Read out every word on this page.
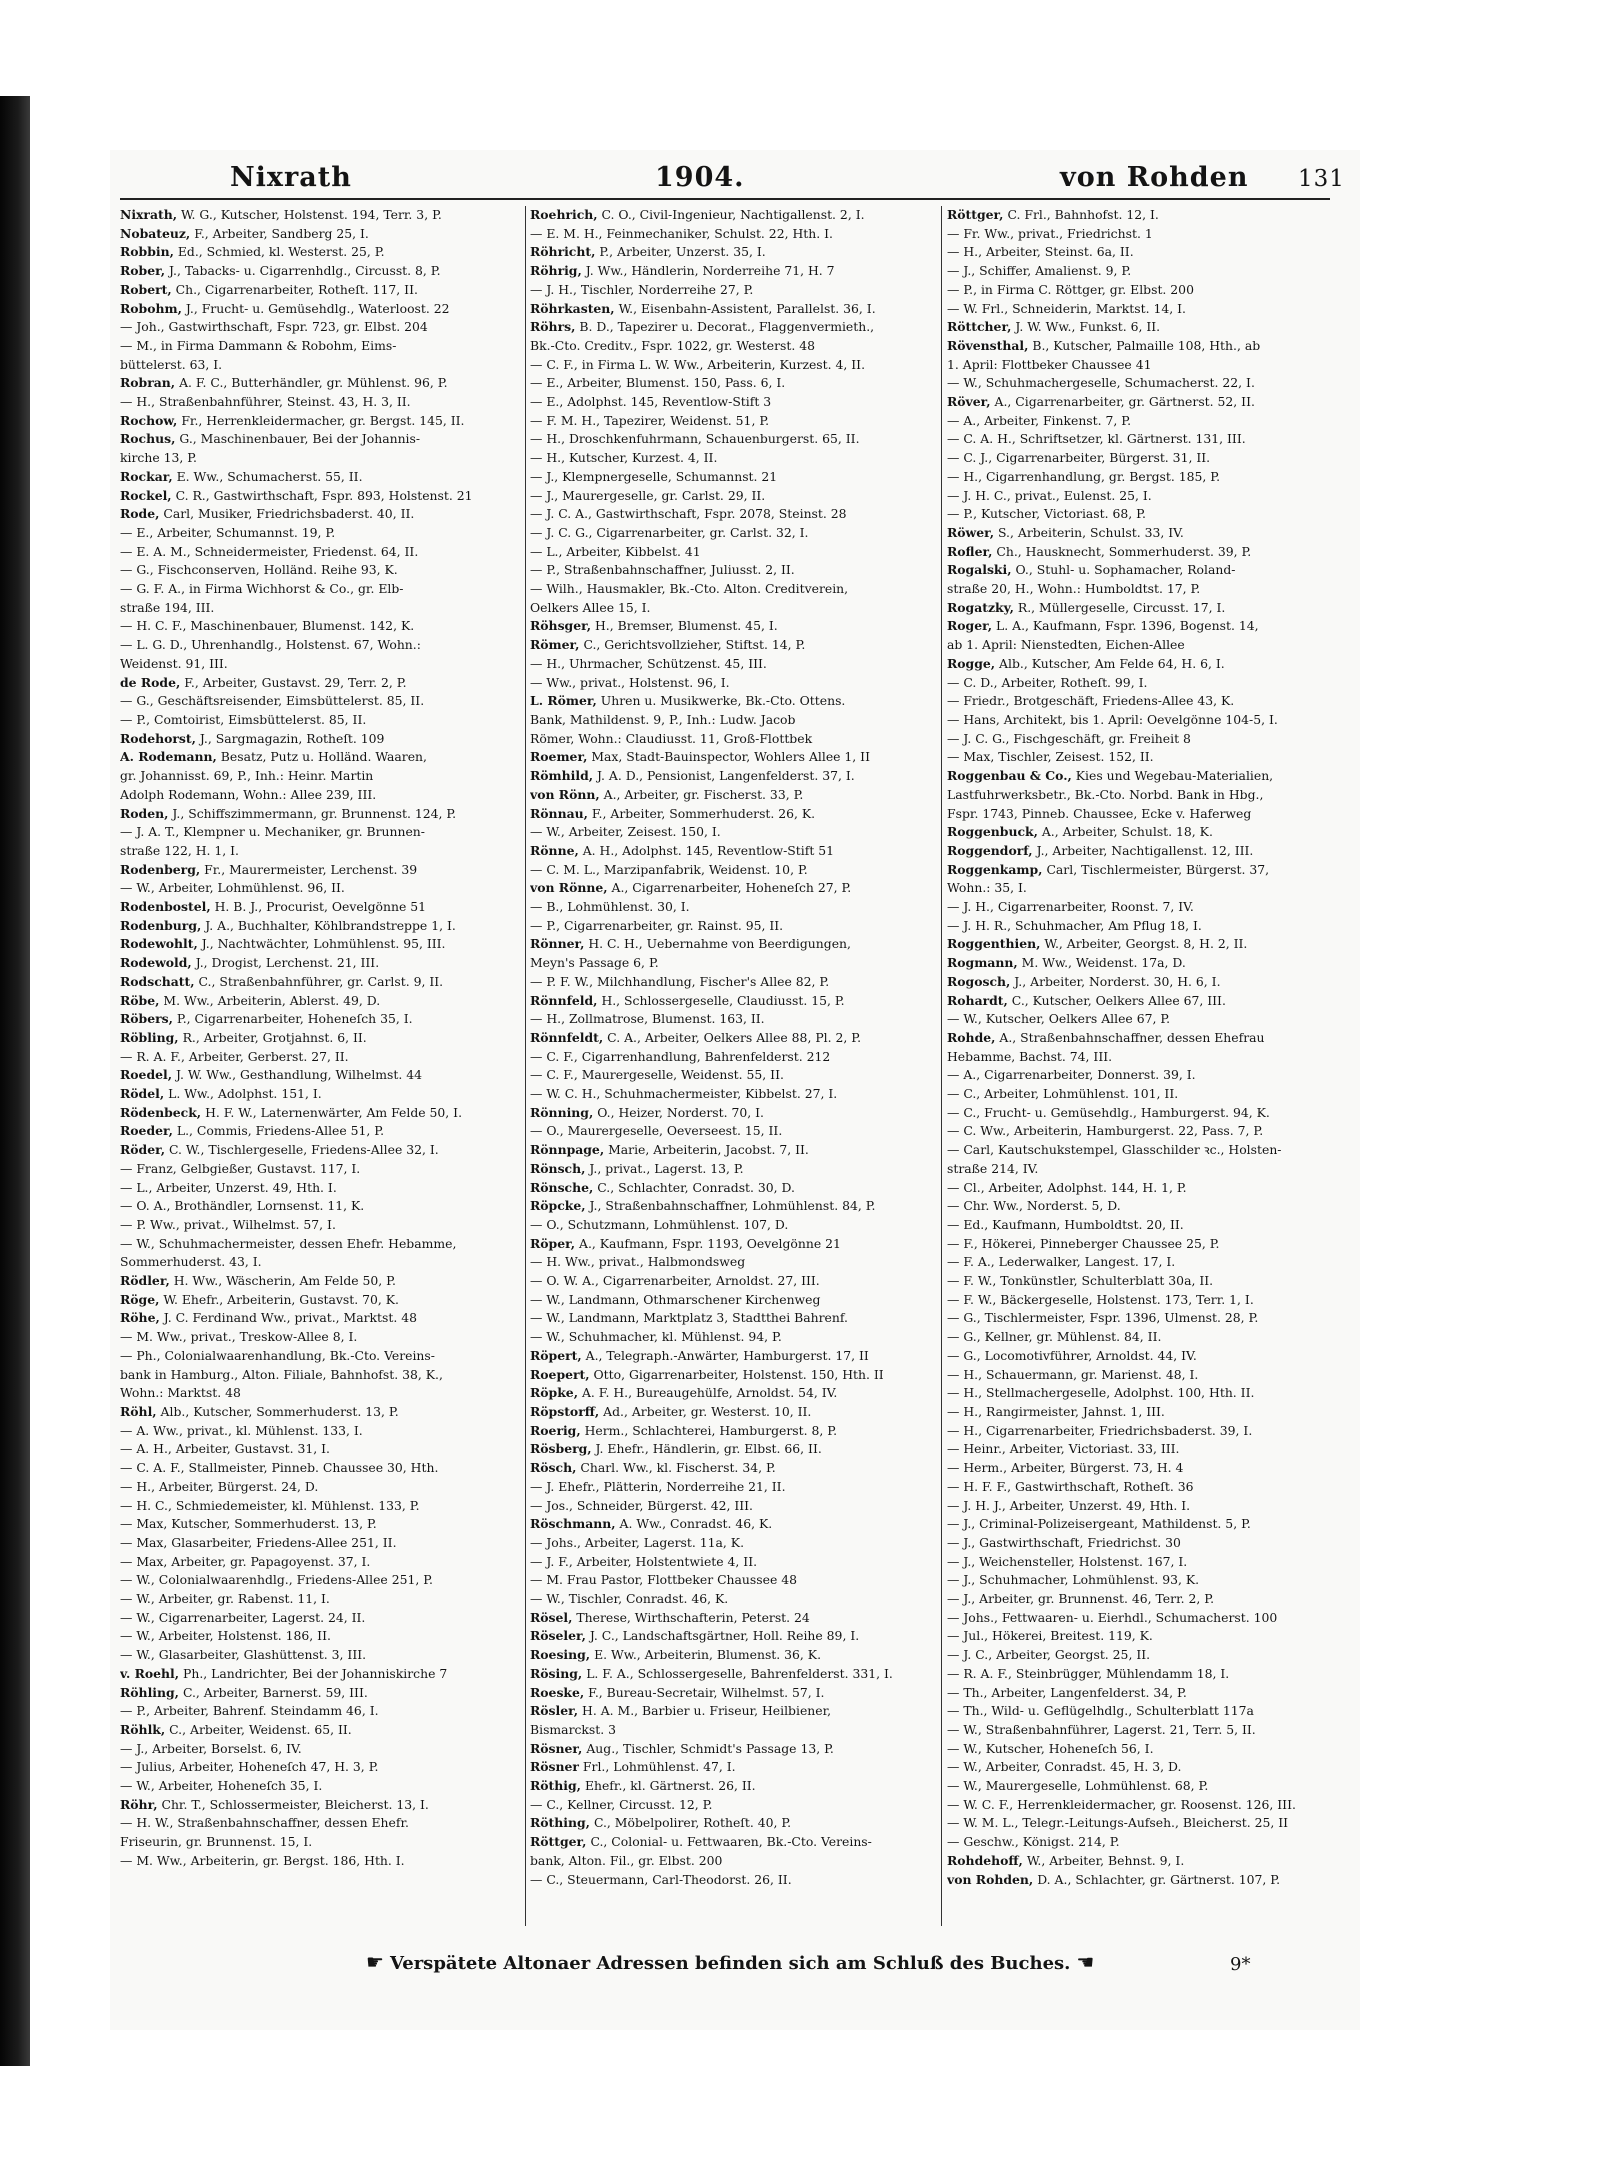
Nixrath	1904.	von Rohden 131
Nixrath, W. G., Kutscher, Holstenst. 194, Terr. 3, P.
Nobateuz, F., Arbeiter, Sandberg 25, I.
Robbin, Ed., Schmied, kl. Westerst. 25, P.
Rober, J., Tabacks- u. Cigarrenhdlg., Circusst. 8, P.
Robert, Ch., Cigarrenarbeiter, Rotheſt. 117, II.
Robohm, J., Frucht- u. Gemüsehdlg., Waterloost. 22
— Joh., Gastwirthschaft, Fspr. 723, gr. Elbst. 204
— M., in Firma Dammann & Robohm, Eims-
büttelerst. 63, I.
Robran, A. F. C., Butterhändler, gr. Mühlenst. 96, P.
— H., Straßenbahnführer, Steinst. 43, H. 3, II.
Rochow, Fr., Herrenkleidermacher, gr. Bergst. 145, II.
Rochus, G., Maschinenbauer, Bei der Johannis-
kirche 13, P.
Rockar, E. Ww., Schumacherst. 55, II.
Rockel, C. R., Gastwirthschaft, Fspr. 893, Holstenst. 21
Rode, Carl, Musiker, Friedrichsbaderst. 40, II.
— E., Arbeiter, Schumannst. 19, P.
— E. A. M., Schneidermeister, Friedenst. 64, II.
— G., Fischconserven, Holländ. Reihe 93, K.
— G. F. A., in Firma Wichhorst & Co., gr. Elb-
straße 194, III.
— H. C. F., Maschinenbauer, Blumenst. 142, K.
— L. G. D., Uhrenhandlg., Holstenst. 67, Wohn.:
Weidenst. 91, III.
de Rode, F., Arbeiter, Gustavst. 29, Terr. 2, P.
— G., Geschäftsreisender, Eimsbüttelerst. 85, II.
— P., Comtoirist, Eimsbüttelerst. 85, II.
Rodehorst, J., Sargmagazin, Rotheſt. 109
A. Rodemann, Besatz, Putz u. Holländ. Waaren,
gr. Johannisst. 69, P., Inh.: Heinr. Martin
Adolph Rodemann, Wohn.: Allee 239, III.
Roden, J., Schiffszimmermann, gr. Brunnenst. 124, P.
— J. A. T., Klempner u. Mechaniker, gr. Brunnen-
straße 122, H. 1, I.
Rodenberg, Fr., Maurermeister, Lerchenst. 39
— W., Arbeiter, Lohmühlenst. 96, II.
Rodenbostel, H. B. J., Procurist, Oevelgönne 51
Rodenburg, J. A., Buchhalter, Köhlbrandstreppe 1, I.
Rodewohlt, J., Nachtwächter, Lohmühlenst. 95, III.
Rodewold, J., Drogist, Lerchenst. 21, III.
Rodschatt, C., Straßenbahnführer, gr. Carlst. 9, II.
Röbe, M. Ww., Arbeiterin, Ablerst. 49, D.
Röbers, P., Cigarrenarbeiter, Hoheneſch 35, I.
Röbling, R., Arbeiter, Grotjahnst. 6, II.
— R. A. F., Arbeiter, Gerberst. 27, II.
Roedel, J. W. Ww., Gesthandlung, Wilhelmst. 44
Rödel, L. Ww., Adolphst. 151, I.
Rödenbeck, H. F. W., Laternenwärter, Am Felde 50, I.
Roeder, L., Commis, Friedens-Allee 51, P.
Röder, C. W., Tischlergeselle, Friedens-Allee 32, I.
— Franz, Gelbgießer, Gustavst. 117, I.
— L., Arbeiter, Unzerst. 49, Hth. I.
— O. A., Brothändler, Lornsenst. 11, K.
— P. Ww., privat., Wilhelmst. 57, I.
— W., Schuhmachermeister, dessen Ehefr. Hebamme,
Sommerhuderst. 43, I.
Rödler, H. Ww., Wäscherin, Am Felde 50, P.
Röge, W. Ehefr., Arbeiterin, Gustavst. 70, K.
Röhe, J. C. Ferdinand Ww., privat., Marktst. 48
— M. Ww., privat., Treskow-Allee 8, I.
— Ph., Colonialwaarenhandlung, Bk.-Cto. Vereins-
bank in Hamburg., Alton. Filiale, Bahnhofst. 38, K.,
Wohn.: Marktst. 48
Röhl, Alb., Kutscher, Sommerhuderst. 13, P.
— A. Ww., privat., kl. Mühlenst. 133, I.
— A. H., Arbeiter, Gustavst. 31, I.
— C. A. F., Stallmeister, Pinneb. Chaussee 30, Hth.
— H., Arbeiter, Bürgerst. 24, D.
— H. C., Schmiedemeister, kl. Mühlenst. 133, P.
— Max, Kutscher, Sommerhuderst. 13, P.
— Max, Glasarbeiter, Friedens-Allee 251, II.
— Max, Arbeiter, gr. Papagoyenst. 37, I.
— W., Colonialwaarenhdlg., Friedens-Allee 251, P.
— W., Arbeiter, gr. Rabenst. 11, I.
— W., Cigarrenarbeiter, Lagerst. 24, II.
— W., Arbeiter, Holstenst. 186, II.
— W., Glasarbeiter, Glashüttenst. 3, III.
v. Roehl, Ph., Landrichter, Bei der Johanniskirche 7
Röhling, C., Arbeiter, Barnerst. 59, III.
— P., Arbeiter, Bahrenf. Steindamm 46, I.
Röhlk, C., Arbeiter, Weidenst. 65, II.
— J., Arbeiter, Borselst. 6, IV.
— Julius, Arbeiter, Hoheneſch 47, H. 3, P.
— W., Arbeiter, Hoheneſch 35, I.
Röhr, Chr. T., Schlossermeister, Bleicherst. 13, I.
— H. W., Straßenbahnschaffner, dessen Ehefr.
Friseurin, gr. Brunnenst. 15, I.
— M. Ww., Arbeiterin, gr. Bergst. 186, Hth. I.
Roehrich, C. O., Civil-Ingenieur, Nachtigallenst. 2, I.
— E. M. H., Feinmechaniker, Schulst. 22, Hth. I.
Röhricht, P., Arbeiter, Unzerst. 35, I.
Röhrig, J. Ww., Händlerin, Norderreihe 71, H. 7
— J. H., Tischler, Norderreihe 27, P.
Röhrkasten, W., Eisenbahn-Assistent, Parallelst. 36, I.
Röhrs, B. D., Tapezirer u. Decorat., Flaggenvermieth.,
Bk.-Cto. Creditv., Fspr. 1022, gr. Westerst. 48
— C. F., in Firma L. W. Ww., Arbeiterin, Kurzest. 4, II.
— E., Arbeiter, Blumenst. 150, Pass. 6, I.
— E., Adolphst. 145, Reventlow-Stift 3
— F. M. H., Tapezirer, Weidenst. 51, P.
— H., Droschkenfuhrmann, Schauenburgerst. 65, II.
— H., Kutscher, Kurzest. 4, II.
— J., Klempnergeselle, Schumannst. 21
— J., Maurergeselle, gr. Carlst. 29, II.
— J. C. A., Gastwirthschaft, Fspr. 2078, Steinst. 28
— J. C. G., Cigarrenarbeiter, gr. Carlst. 32, I.
— L., Arbeiter, Kibbelst. 41
— P., Straßenbahnschaffner, Juliusst. 2, II.
— Wilh., Hausmakler, Bk.-Cto. Alton. Creditverein,
Oelkers Allee 15, I.
Röhsger, H., Bremser, Blumenst. 45, I.
Römer, C., Gerichtsvollzieher, Stiftst. 14, P.
— H., Uhrmacher, Schützenst. 45, III.
— Ww., privat., Holstenst. 96, I.
L. Römer, Uhren u. Musikwerke, Bk.-Cto. Ottens.
Bank, Mathildenst. 9, P., Inh.: Ludw. Jacob
Römer, Wohn.: Claudiusst. 11, Groß-Flottbek
Roemer, Max, Stadt-Bauinspector, Wohlers Allee 1, II
Römhild, J. A. D., Pensionist, Langenfelderst. 37, I.
von Rönn, A., Arbeiter, gr. Fischerst. 33, P.
Rönnau, F., Arbeiter, Sommerhuderst. 26, K.
— W., Arbeiter, Zeisest. 150, I.
Rönne, A. H., Adolphst. 145, Reventlow-Stift 51
— C. M. L., Marzipanfabrik, Weidenst. 10, P.
von Rönne, A., Cigarrenarbeiter, Hoheneſch 27, P.
— B., Lohmühlenst. 30, I.
— P., Cigarrenarbeiter, gr. Rainst. 95, II.
Rönner, H. C. H., Uebernahme von Beerdigungen,
Meyn's Passage 6, P.
— P. F. W., Milchhandlung, Fischer's Allee 82, P.
Rönnfeld, H., Schlossergeselle, Claudiusst. 15, P.
— H., Zollmatrose, Blumenst. 163, II.
Rönnfeldt, C. A., Arbeiter, Oelkers Allee 88, Pl. 2, P.
— C. F., Cigarrenhandlung, Bahrenfelderst. 212
— C. F., Maurergeselle, Weidenst. 55, II.
— W. C. H., Schuhmachermeister, Kibbelst. 27, I.
Rönning, O., Heizer, Norderst. 70, I.
— O., Maurergeselle, Oeverseest. 15, II.
Rönnpage, Marie, Arbeiterin, Jacobst. 7, II.
Rönsch, J., privat., Lagerst. 13, P.
Rönsche, C., Schlachter, Conradst. 30, D.
Röpcke, J., Straßenbahnschaffner, Lohmühlenst. 84, P.
— O., Schutzmann, Lohmühlenst. 107, D.
Röper, A., Kaufmann, Fspr. 1193, Oevelgönne 21
— H. Ww., privat., Halbmondsweg
— O. W. A., Cigarrenarbeiter, Arnoldst. 27, III.
— W., Landmann, Othmarschener Kirchenweg
— W., Landmann, Marktplatz 3, Stadtthei Bahrenf.
— W., Schuhmacher, kl. Mühlenst. 94, P.
Röpert, A., Telegraph.-Anwärter, Hamburgerst. 17, II
Roepert, Otto, Gigarrenarbeiter, Holstenst. 150, Hth. II
Röpke, A. F. H., Bureaugehülfe, Arnoldst. 54, IV.
Röpstorff, Ad., Arbeiter, gr. Westerst. 10, II.
Roerig, Herm., Schlachterei, Hamburgerst. 8, P.
Rösberg, J. Ehefr., Händlerin, gr. Elbst. 66, II.
Rösch, Charl. Ww., kl. Fischerst. 34, P.
— J. Ehefr., Plätterin, Norderreihe 21, II.
— Jos., Schneider, Bürgerst. 42, III.
Röschmann, A. Ww., Conradst. 46, K.
— Johs., Arbeiter, Lagerst. 11a, K.
— J. F., Arbeiter, Holstentwiete 4, II.
— M. Frau Pastor, Flottbeker Chaussee 48
— W., Tischler, Conradst. 46, K.
Rösel, Therese, Wirthschafterin, Peterst. 24
Röseler, J. C., Landschaftsgärtner, Holl. Reihe 89, I.
Roesing, E. Ww., Arbeiterin, Blumenst. 36, K.
Rösing, L. F. A., Schlossergeselle, Bahrenfelderst. 331, I.
Roeske, F., Bureau-Secretair, Wilhelmst. 57, I.
Rösler, H. A. M., Barbier u. Friseur, Heilbiener,
Bismarckst. 3
Rösner, Aug., Tischler, Schmidt's Passage 13, P.
Rösner Frl., Lohmühlenst. 47, I.
Röthig, Ehefr., kl. Gärtnerst. 26, II.
— C., Kellner, Circusst. 12, P.
Röthing, C., Möbelpolirer, Rotheſt. 40, P.
Röttger, C., Colonial- u. Fettwaaren, Bk.-Cto. Vereins-
bank, Alton. Fil., gr. Elbst. 200
— C., Steuermann, Carl-Theodorst. 26, II.
Röttger, C. Frl., Bahnhofst. 12, I.
— Fr. Ww., privat., Friedrichst. 1
— H., Arbeiter, Steinst. 6a, II.
— J., Schiffer, Amalienst. 9, P.
— P., in Firma C. Röttger, gr. Elbst. 200
— W. Frl., Schneiderin, Marktst. 14, I.
Röttcher, J. W. Ww., Funkst. 6, II.
Rövensthal, B., Kutscher, Palmaille 108, Hth., ab
1. April: Flottbeker Chaussee 41
— W., Schuhmachergeselle, Schumacherst. 22, I.
Röver, A., Cigarrenarbeiter, gr. Gärtnerst. 52, II.
— A., Arbeiter, Finkenst. 7, P.
— C. A. H., Schriftsetzer, kl. Gärtnerst. 131, III.
— C. J., Cigarrenarbeiter, Bürgerst. 31, II.
— H., Cigarrenhandlung, gr. Bergst. 185, P.
— J. H. C., privat., Eulenst. 25, I.
— P., Kutscher, Victoriast. 68, P.
Röwer, S., Arbeiterin, Schulst. 33, IV.
Rofler, Ch., Hausknecht, Sommerhuderst. 39, P.
Rogalski, O., Stuhl- u. Sophamacher, Roland-
straße 20, H., Wohn.: Humboldtst. 17, P.
Rogatzky, R., Müllergeselle, Circusst. 17, I.
Roger, L. A., Kaufmann, Fspr. 1396, Bogenst. 14,
ab 1. April: Nienstedten, Eichen-Allee
Rogge, Alb., Kutscher, Am Felde 64, H. 6, I.
— C. D., Arbeiter, Rotheſt. 99, I.
— Friedr., Brotgeschäft, Friedens-Allee 43, K.
— Hans, Architekt, bis 1. April: Oevelgönne 104-5, I.
— J. C. G., Fischgeschäft, gr. Freiheit 8
— Max, Tischler, Zeisest. 152, II.
Roggenbau & Co., Kies und Wegebau-Materialien,
Lastfuhrwerksbetr., Bk.-Cto. Norbd. Bank in Hbg.,
Fspr. 1743, Pinneb. Chaussee, Ecke v. Haferweg
Roggenbuck, A., Arbeiter, Schulst. 18, K.
Roggendorf, J., Arbeiter, Nachtigallenst. 12, III.
Roggenkamp, Carl, Tischlermeister, Bürgerst. 37,
Wohn.: 35, I.
— J. H., Cigarrenarbeiter, Roonst. 7, IV.
— J. H. R., Schuhmacher, Am Pflug 18, I.
Roggenthien, W., Arbeiter, Georgst. 8, H. 2, II.
Rogmann, M. Ww., Weidenst. 17a, D.
Rogosch, J., Arbeiter, Norderst. 30, H. 6, I.
Rohardt, C., Kutscher, Oelkers Allee 67, III.
— W., Kutscher, Oelkers Allee 67, P.
Rohde, A., Straßenbahnschaffner, dessen Ehefrau
Hebamme, Bachst. 74, III.
— A., Cigarrenarbeiter, Donnerst. 39, I.
— C., Arbeiter, Lohmühlenst. 101, II.
— C., Frucht- u. Gemüsehdlg., Hamburgerst. 94, K.
— C. Ww., Arbeiterin, Hamburgerst. 22, Pass. 7, P.
— Carl, Kautschukstempel, Glasschilder ꝛc., Holsten-
straße 214, IV.
— Cl., Arbeiter, Adolphst. 144, H. 1, P.
— Chr. Ww., Norderst. 5, D.
— Ed., Kaufmann, Humboldtst. 20, II.
— F., Hökerei, Pinneberger Chaussee 25, P.
— F. A., Lederwalker, Langest. 17, I.
— F. W., Tonkünstler, Schulterblatt 30a, II.
— F. W., Bäckergeselle, Holstenst. 173, Terr. 1, I.
— G., Tischlermeister, Fspr. 1396, Ulmenst. 28, P.
— G., Kellner, gr. Mühlenst. 84, II.
— G., Locomotivführer, Arnoldst. 44, IV.
— H., Schauermann, gr. Marienst. 48, I.
— H., Stellmachergeselle, Adolphst. 100, Hth. II.
— H., Rangirmeister, Jahnst. 1, III.
— H., Cigarrenarbeiter, Friedrichsbaderst. 39, I.
— Heinr., Arbeiter, Victoriast. 33, III.
— Herm., Arbeiter, Bürgerst. 73, H. 4
— H. F. F., Gastwirthschaft, Rotheſt. 36
— J. H. J., Arbeiter, Unzerst. 49, Hth. I.
— J., Criminal-Polizeisergeant, Mathildenst. 5, P.
— J., Gastwirthschaft, Friedrichst. 30
— J., Weichensteller, Holstenst. 167, I.
— J., Schuhmacher, Lohmühlenst. 93, K.
— J., Arbeiter, gr. Brunnenst. 46, Terr. 2, P.
— Johs., Fettwaaren- u. Eierhdl., Schumacherst. 100
— Jul., Hökerei, Breitest. 119, K.
— J. C., Arbeiter, Georgst. 25, II.
— R. A. F., Steinbrügger, Mühlendamm 18, I.
— Th., Arbeiter, Langenfelderst. 34, P.
— Th., Wild- u. Geflügelhdlg., Schulterblatt 117a
— W., Straßenbahnführer, Lagerst. 21, Terr. 5, II.
— W., Kutscher, Hoheneſch 56, I.
— W., Arbeiter, Conradst. 45, H. 3, D.
— W., Maurergeselle, Lohmühlenst. 68, P.
— W. C. F., Herrenkleidermacher, gr. Roosenst. 126, III.
— W. M. L., Telegr.-Leitungs-Aufseh., Bleicherst. 25, II
— Geschw., Königst. 214, P.
Rohdehoff, W., Arbeiter, Behnst. 9, I.
von Rohden, D. A., Schlachter, gr. Gärtnerst. 107, P.
☛ Verspätete Altonaer Adressen befinden sich am Schluß des Buches. ☚	9*
